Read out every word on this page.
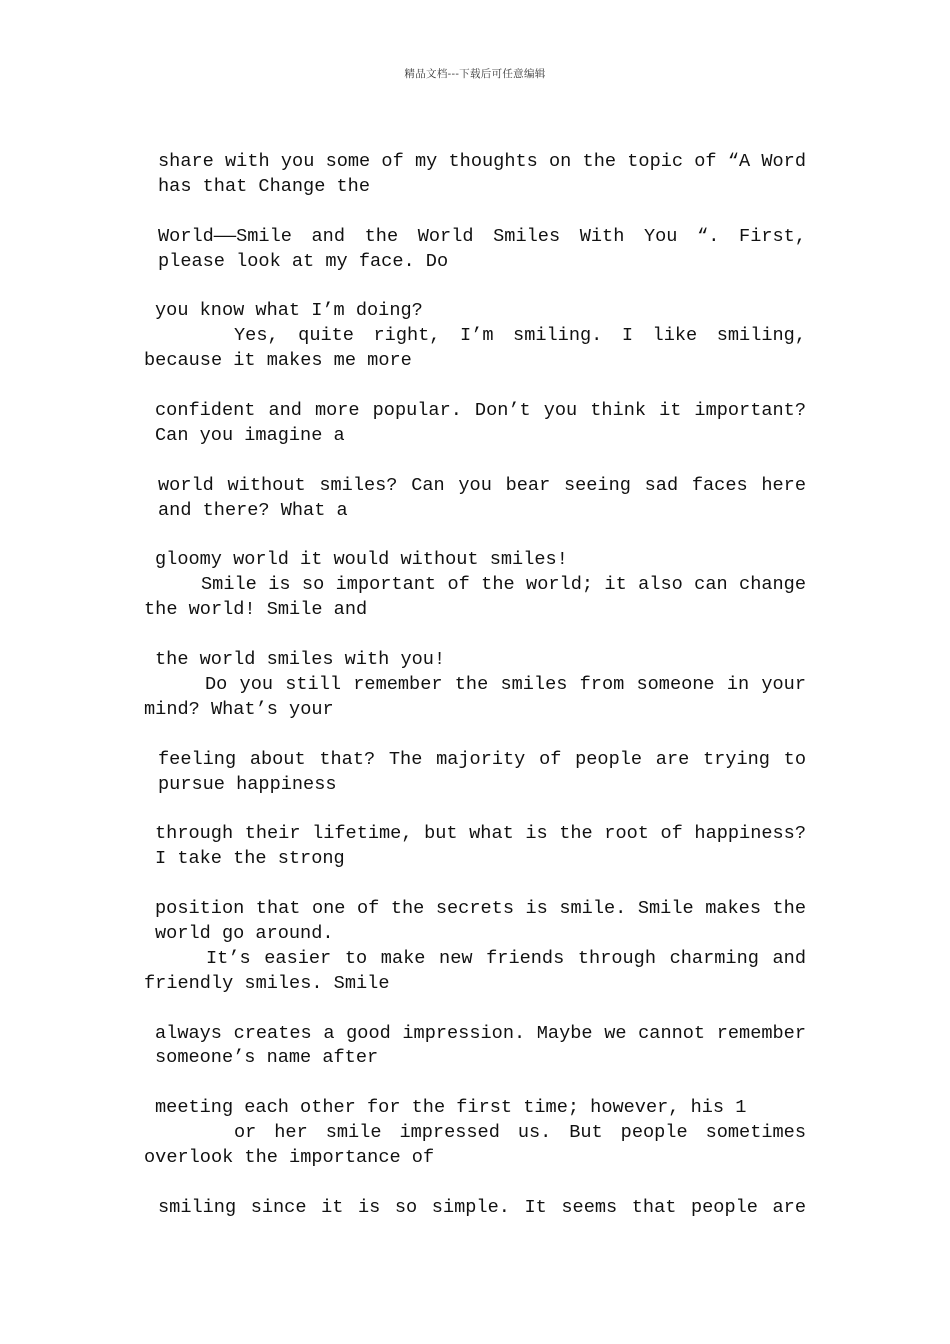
精品文档---下载后可任意编辑
share with you some of my thoughts on the topic of “A Word has that Change the
World——Smile and the World Smiles With You “. First, please look at my face. Do
you know what I’m doing?
Yes, quite right, I’m smiling. I like smiling, because it makes me more
confident and more popular. Don’t you think it important? Can you imagine a
world without smiles? Can you bear seeing sad faces here and there? What a
gloomy world it would without smiles!
Smile is so important of the world; it also can change the world! Smile and
the world smiles with you!
Do you still remember the smiles from someone in your mind? What’s your
feeling about that? The majority of people are trying to pursue happiness
through their lifetime, but what is the root of happiness? I take the strong
position that one of the secrets is smile. Smile makes the world go around.
It’s easier to make new friends through charming and friendly smiles. Smile
always creates a good impression. Maybe we cannot remember someone’s name after
meeting each other for the first time; however, his 1
or her smile impressed us. But people sometimes overlook the importance of
smiling since it is so simple. It seems that people are
